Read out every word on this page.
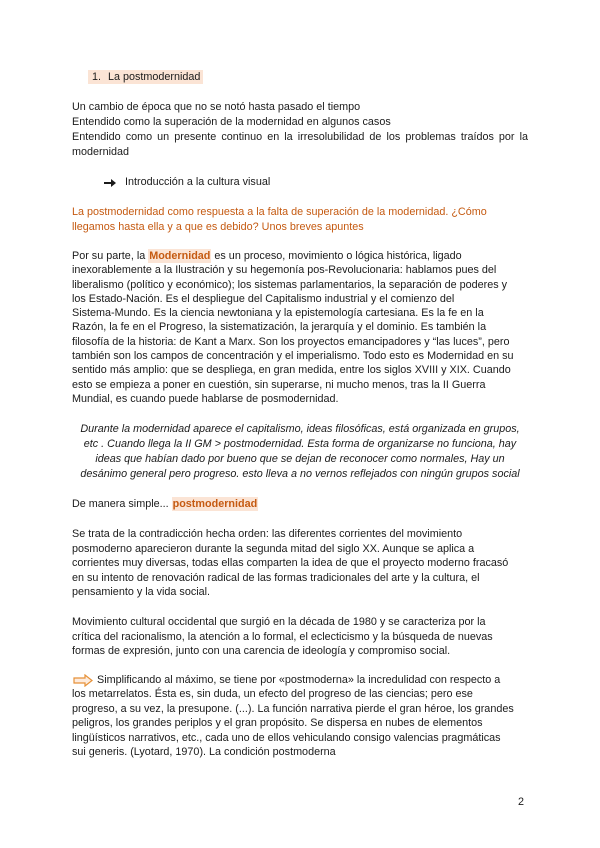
1. La postmodernidad
Un cambio de época que no se notó hasta pasado el tiempo
Entendido como la superación de la modernidad en algunos casos
Entendido como un presente continuo en la irresolubilidad de los problemas traídos por la
modernidad
Introducción a la cultura visual
La postmodernidad como respuesta a la falta de superación de la modernidad. ¿Cómo
llegamos hasta ella y a que es debido? Unos breves apuntes
Por su parte, la Modernidad es un proceso, movimiento o lógica histórica, ligado
inexorablemente a la Ilustración y su hegemonía pos-Revolucionaria: hablamos pues del
liberalismo (político y económico); los sistemas parlamentarios, la separación de poderes y
los Estado-Nación. Es el despliegue del Capitalismo industrial y el comienzo del
Sistema-Mundo. Es la ciencia newtoniana y la epistemología cartesiana. Es la fe en la
Razón, la fe en el Progreso, la sistematización, la jerarquía y el dominio. Es también la
filosofía de la historia: de Kant a Marx. Son los proyectos emancipadores y “las luces”, pero
también son los campos de concentración y el imperialismo. Todo esto es Modernidad en su
sentido más amplio: que se despliega, en gran medida, entre los siglos XVIII y XIX. Cuando
esto se empieza a poner en cuestión, sin superarse, ni mucho menos, tras la II Guerra
Mundial, es cuando puede hablarse de posmodernidad.
Durante la modernidad aparece el capitalismo, ideas filosóficas, está organizada en grupos,
etc . Cuando llega la II GM > postmodernidad. Esta forma de organizarse no funciona, hay
ideas que habían dado por bueno que se dejan de reconocer como normales, Hay un
desánimo general pero progreso. esto lleva a no vernos reflejados con ningún grupos social
De manera simple... postmodernidad
Se trata de la contradicción hecha orden: las diferentes corrientes del movimiento
posmoderno aparecieron durante la segunda mitad del siglo XX. Aunque se aplica a
corrientes muy diversas, todas ellas comparten la idea de que el proyecto moderno fracasó
en su intento de renovación radical de las formas tradicionales del arte y la cultura, el
pensamiento y la vida social.
Movimiento cultural occidental que surgió en la década de 1980 y se caracteriza por la
crítica del racionalismo, la atención a lo formal, el eclecticismo y la búsqueda de nuevas
formas de expresión, junto con una carencia de ideología y compromiso social.
Simplificando al máximo, se tiene por «postmoderna» la incredulidad con respecto a
los metarrelatos. Ésta es, sin duda, un efecto del progreso de las ciencias; pero ese
progreso, a su vez, la presupone. (...). La función narrativa pierde el gran héroe, los grandes
peligros, los grandes periplos y el gran propósito. Se dispersa en nubes de elementos
lingüísticos narrativos, etc., cada uno de ellos vehiculando consigo valencias pragmáticas
sui generis. (Lyotard, 1970). La condición postmoderna
2
